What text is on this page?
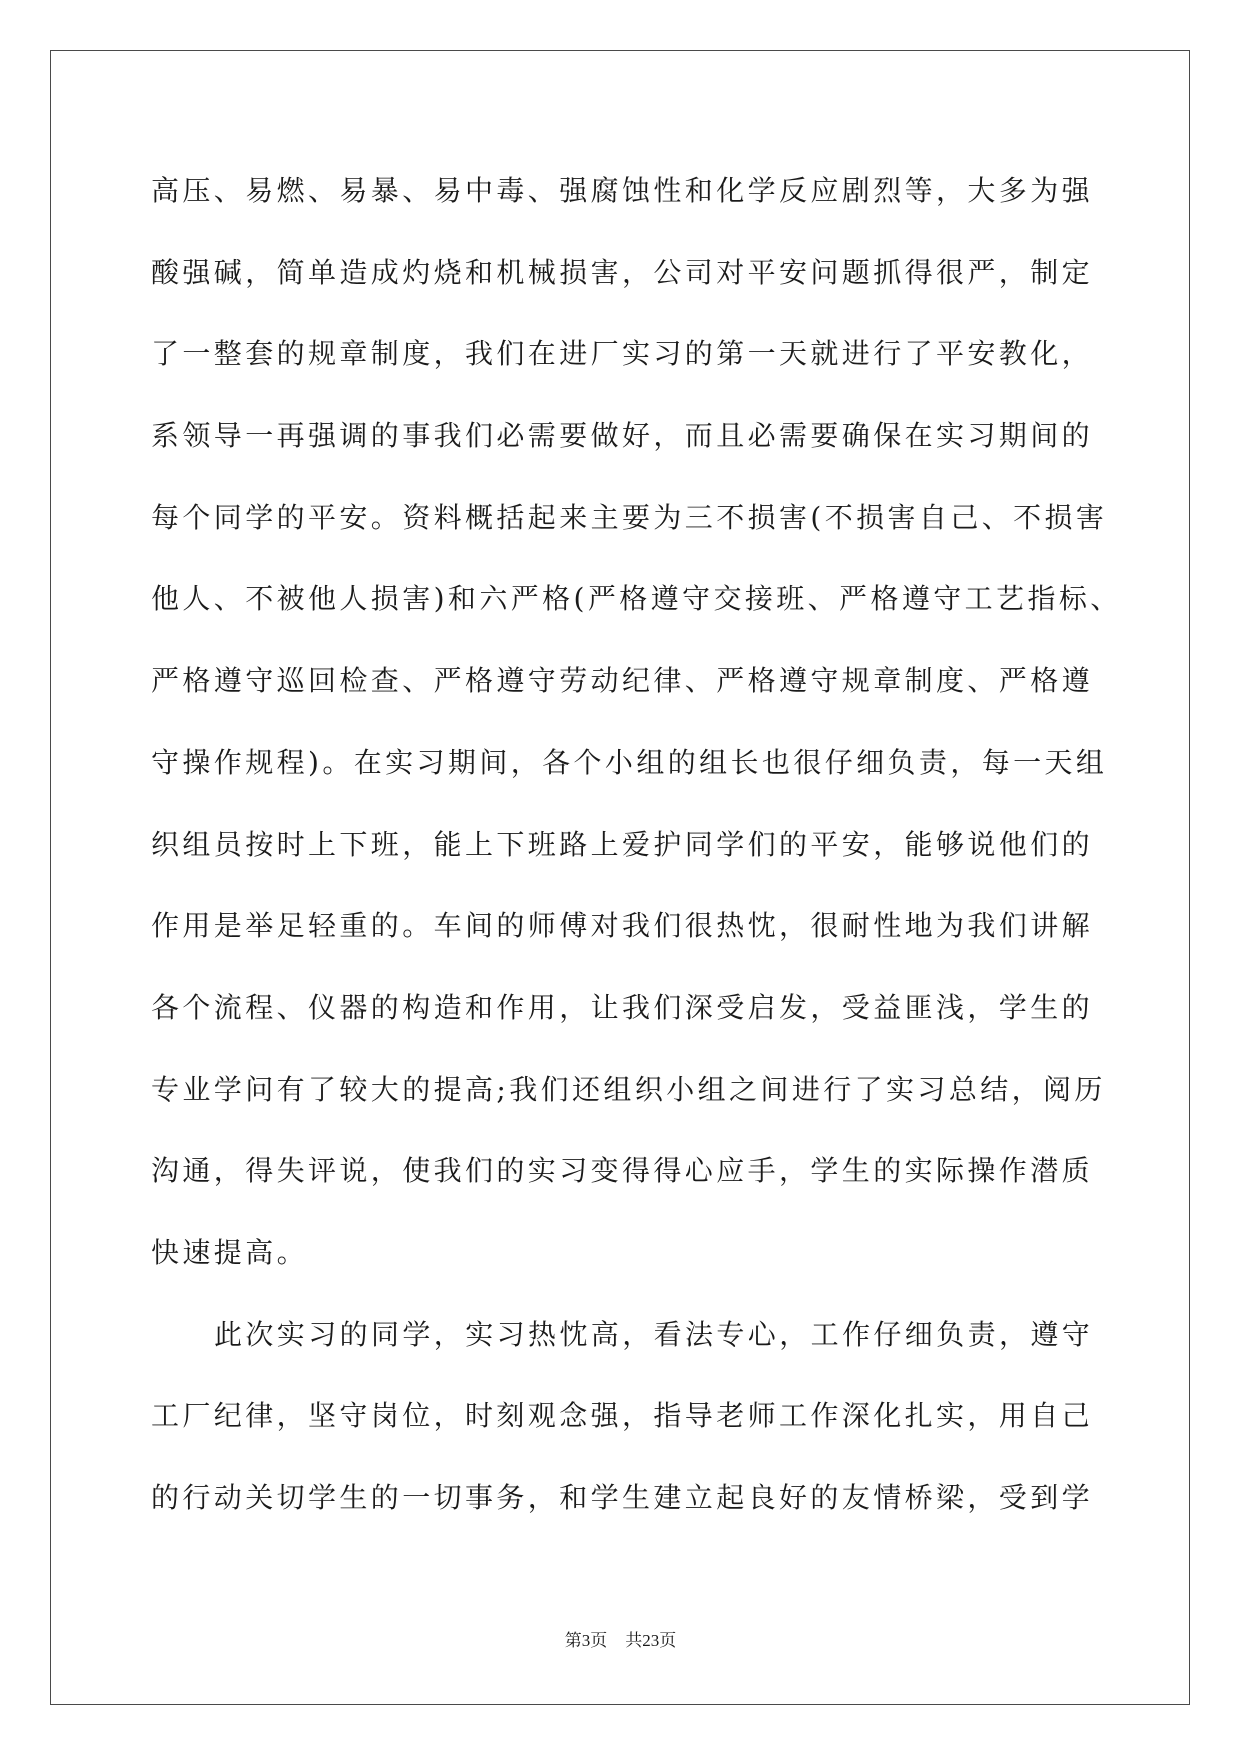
高压、易燃、易暴、易中毒、强腐蚀性和化学反应剧烈等，大多为强
酸强碱，简单造成灼烧和机械损害，公司对平安问题抓得很严，制定
了一整套的规章制度，我们在进厂实习的第一天就进行了平安教化，
系领导一再强调的事我们必需要做好，而且必需要确保在实习期间的
每个同学的平安。资料概括起来主要为三不损害(不损害自己、不损害
他人、不被他人损害)和六严格(严格遵守交接班、严格遵守工艺指标、
严格遵守巡回检查、严格遵守劳动纪律、严格遵守规章制度、严格遵
守操作规程)。在实习期间，各个小组的组长也很仔细负责，每一天组
织组员按时上下班，能上下班路上爱护同学们的平安，能够说他们的
作用是举足轻重的。车间的师傅对我们很热忱，很耐性地为我们讲解
各个流程、仪器的构造和作用，让我们深受启发，受益匪浅，学生的
专业学问有了较大的提高;我们还组织小组之间进行了实习总结，阅历
沟通，得失评说，使我们的实习变得得心应手，学生的实际操作潜质
快速提高。
此次实习的同学，实习热忱高，看法专心，工作仔细负责，遵守
工厂纪律，坚守岗位，时刻观念强，指导老师工作深化扎实，用自己
的行动关切学生的一切事务，和学生建立起良好的友情桥梁，受到学
第3页 共23页
